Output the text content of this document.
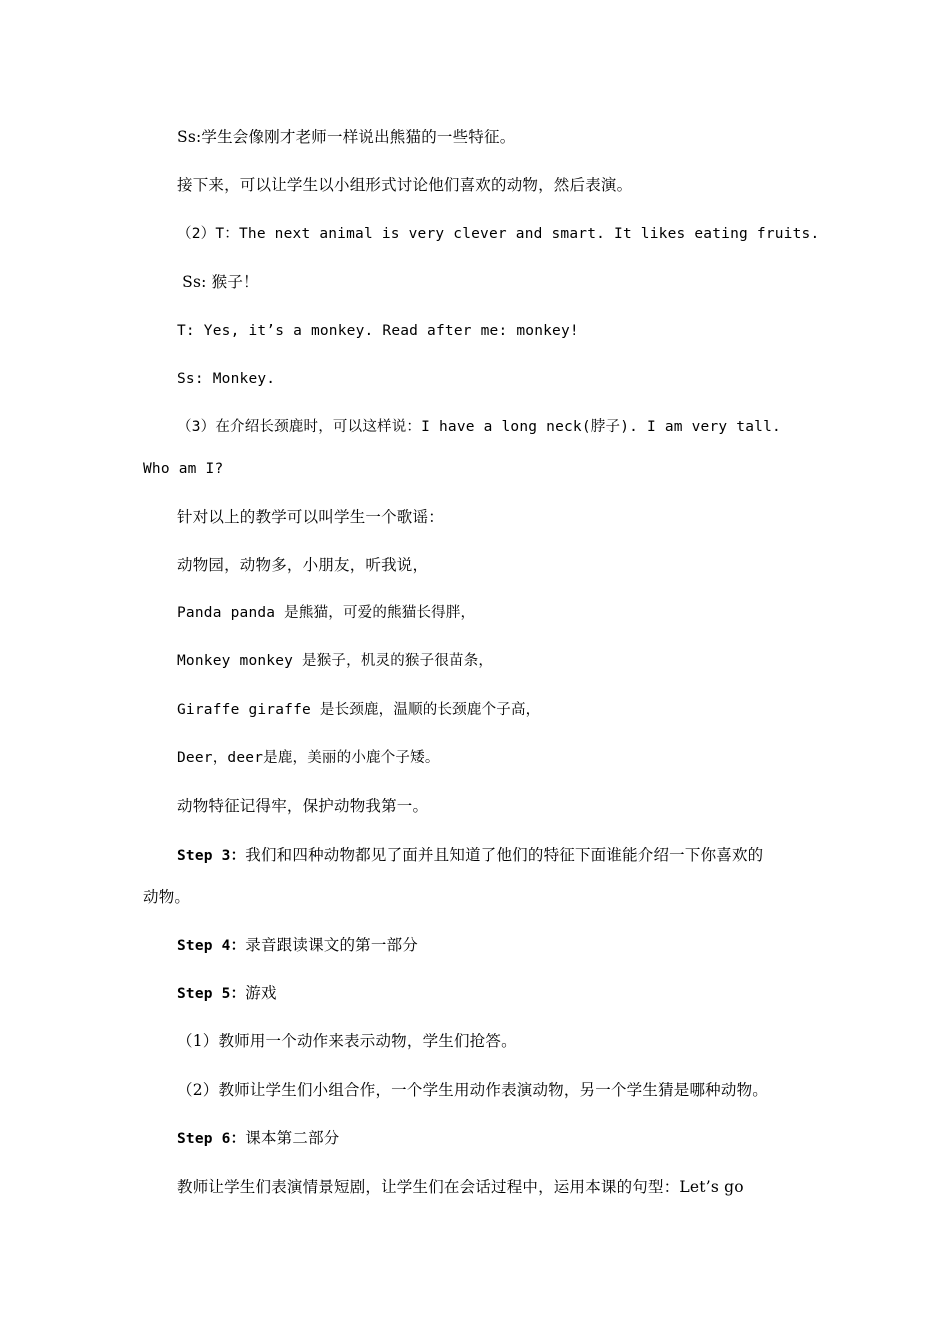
Ss:学生会像刚才老师一样说出熊猫的一些特征。
接下来，可以让学生以小组形式讨论他们喜欢的动物，然后表演。
（2）T：The next animal is very clever and smart. It likes eating fruits.
Ss: 猴子！
T: Yes, it’s a monkey. Read after me: monkey!
Ss: Monkey.
（3）在介绍长颈鹿时，可以这样说：I have a long neck(脖子). I am very tall.
Who am I?
针对以上的教学可以叫学生一个歌谣：
动物园，动物多，小朋友，听我说，
Panda panda 是熊猫，可爱的熊猫长得胖，
Monkey monkey 是猴子，机灵的猴子很苗条，
Giraffe giraffe 是长颈鹿，温顺的长颈鹿个子高，
Deer，deer是鹿，美丽的小鹿个子矮。
动物特征记得牢，保护动物我第一。
Step 3：我们和四种动物都见了面并且知道了他们的特征下面谁能介绍一下你喜欢的
动物。
Step 4：录音跟读课文的第一部分
Step 5：游戏
（1）教师用一个动作来表示动物，学生们抢答。
（2）教师让学生们小组合作，一个学生用动作表演动物，另一个学生猜是哪种动物。
Step 6：课本第二部分
教师让学生们表演情景短剧，让学生们在会话过程中，运用本课的句型：Let’s go
